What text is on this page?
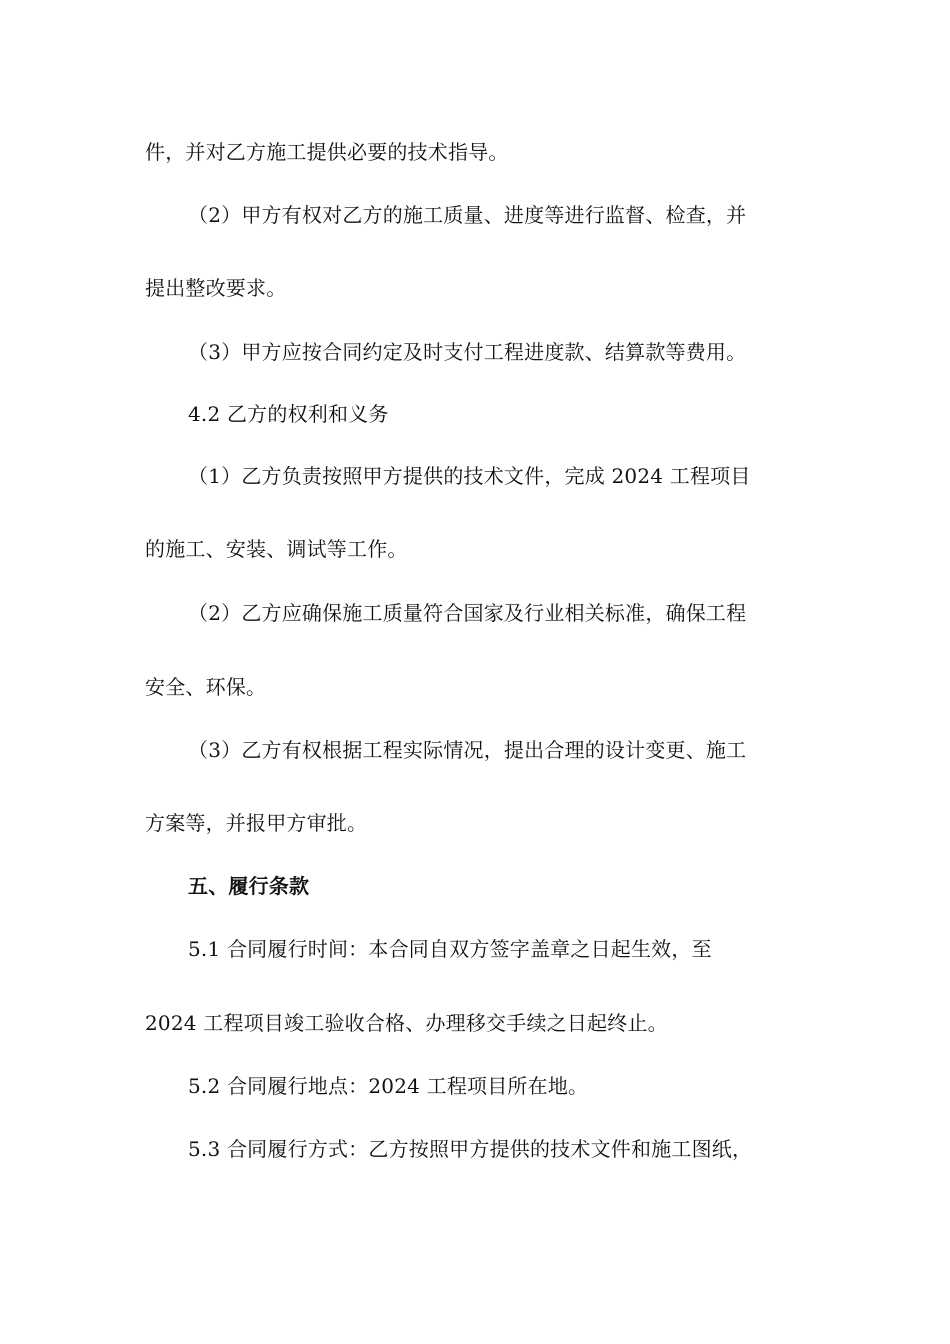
件，并对乙方施工提供必要的技术指导。
（2）甲方有权对乙方的施工质量、进度等进行监督、检查，并
提出整改要求。
（3）甲方应按合同约定及时支付工程进度款、结算款等费用。
4.2 乙方的权利和义务
（1）乙方负责按照甲方提供的技术文件，完成 2024 工程项目
的施工、安装、调试等工作。
（2）乙方应确保施工质量符合国家及行业相关标准，确保工程
安全、环保。
（3）乙方有权根据工程实际情况，提出合理的设计变更、施工
方案等，并报甲方审批。
五、履行条款
5.1 合同履行时间：本合同自双方签字盖章之日起生效，至
2024 工程项目竣工验收合格、办理移交手续之日起终止。
5.2 合同履行地点：2024 工程项目所在地。
5.3 合同履行方式：乙方按照甲方提供的技术文件和施工图纸，
